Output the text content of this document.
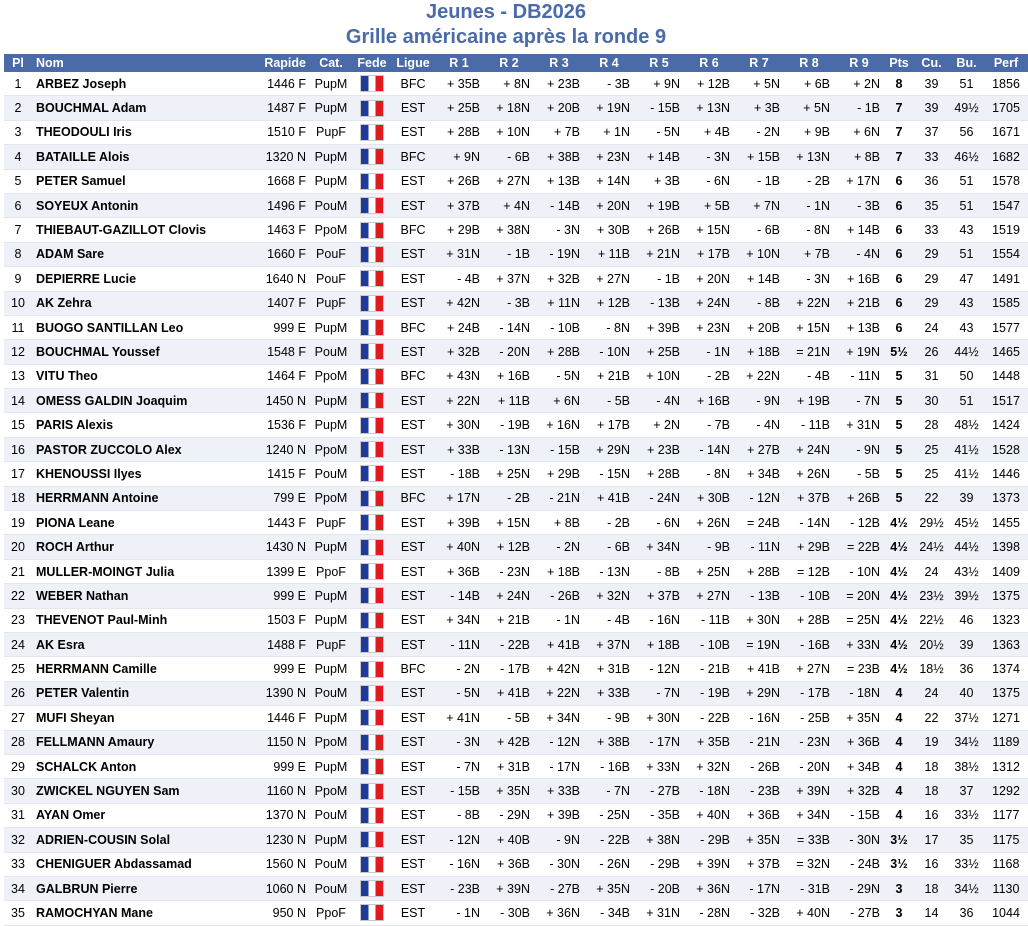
Jeunes - DB2026
Grille américaine après la ronde 9
Pl	Nom	Rapide	Cat.	Fede	Ligue	R 1	R 2	R 3	R 4	R 5	R 6	R 7	R 8	R 9	Pts	Cu.	Bu.	Perf
1	ARBEZ Joseph	1446 F	PupM		BFC	+ 35B	+ 8N	+ 23B	- 3B	+ 9N	+ 12B	+ 5N	+ 6B	+ 2N	8	39	51	1856
2	BOUCHMAL Adam	1487 F	PupM		EST	+ 25B	+ 18N	+ 20B	+ 19N	- 15B	+ 13N	+ 3B	+ 5N	- 1B	7	39	49½	1705
3	THEODOULI Iris	1510 F	PupF		EST	+ 28B	+ 10N	+ 7B	+ 1N	- 5N	+ 4B	- 2N	+ 9B	+ 6N	7	37	56	1671
4	BATAILLE Alois	1320 N	PupM		BFC	+ 9N	- 6B	+ 38B	+ 23N	+ 14B	- 3N	+ 15B	+ 13N	+ 8B	7	33	46½	1682
5	PETER Samuel	1668 F	PupM		EST	+ 26B	+ 27N	+ 13B	+ 14N	+ 3B	- 6N	- 1B	- 2B	+ 17N	6	36	51	1578
6	SOYEUX Antonin	1496 F	PouM		EST	+ 37B	+ 4N	- 14B	+ 20N	+ 19B	+ 5B	+ 7N	- 1N	- 3B	6	35	51	1547
7	THIEBAUT-GAZILLOT Clovis	1463 F	PpoM		BFC	+ 29B	+ 38N	- 3N	+ 30B	+ 26B	+ 15N	- 6B	- 8N	+ 14B	6	33	43	1519
8	ADAM Sare	1660 F	PouF		EST	+ 31N	- 1B	- 19N	+ 11B	+ 21N	+ 17B	+ 10N	+ 7B	- 4N	6	29	51	1554
9	DEPIERRE Lucie	1640 N	PouF		EST	- 4B	+ 37N	+ 32B	+ 27N	- 1B	+ 20N	+ 14B	- 3N	+ 16B	6	29	47	1491
10	AK Zehra	1407 F	PupF		EST	+ 42N	- 3B	+ 11N	+ 12B	- 13B	+ 24N	- 8B	+ 22N	+ 21B	6	29	43	1585
11	BUOGO SANTILLAN Leo	999 E	PupM		BFC	+ 24B	- 14N	- 10B	- 8N	+ 39B	+ 23N	+ 20B	+ 15N	+ 13B	6	24	43	1577
12	BOUCHMAL Youssef	1548 F	PouM		EST	+ 32B	- 20N	+ 28B	- 10N	+ 25B	- 1N	+ 18B	= 21N	+ 19N	5½	26	44½	1465
13	VITU Theo	1464 F	PpoM		BFC	+ 43N	+ 16B	- 5N	+ 21B	+ 10N	- 2B	+ 22N	- 4B	- 11N	5	31	50	1448
14	OMESS GALDIN Joaquim	1450 N	PupM		EST	+ 22N	+ 11B	+ 6N	- 5B	- 4N	+ 16B	- 9N	+ 19B	- 7N	5	30	51	1517
15	PARIS Alexis	1536 F	PupM		EST	+ 30N	- 19B	+ 16N	+ 17B	+ 2N	- 7B	- 4N	- 11B	+ 31N	5	28	48½	1424
16	PASTOR ZUCCOLO Alex	1240 N	PpoM		EST	+ 33B	- 13N	- 15B	+ 29N	+ 23B	- 14N	+ 27B	+ 24N	- 9N	5	25	41½	1528
17	KHENOUSSI Ilyes	1415 F	PouM		EST	- 18B	+ 25N	+ 29B	- 15N	+ 28B	- 8N	+ 34B	+ 26N	- 5B	5	25	41½	1446
18	HERRMANN Antoine	799 E	PpoM		BFC	+ 17N	- 2B	- 21N	+ 41B	- 24N	+ 30B	- 12N	+ 37B	+ 26B	5	22	39	1373
19	PIONA Leane	1443 F	PupF		EST	+ 39B	+ 15N	+ 8B	- 2B	- 6N	+ 26N	= 24B	- 14N	- 12B	4½	29½	45½	1455
20	ROCH Arthur	1430 N	PupM		EST	+ 40N	+ 12B	- 2N	- 6B	+ 34N	- 9B	- 11N	+ 29B	= 22B	4½	24½	44½	1398
21	MULLER-MOINGT Julia	1399 E	PpoF		EST	+ 36B	- 23N	+ 18B	- 13N	- 8B	+ 25N	+ 28B	= 12B	- 10N	4½	24	43½	1409
22	WEBER Nathan	999 E	PupM		EST	- 14B	+ 24N	- 26B	+ 32N	+ 37B	+ 27N	- 13B	- 10B	= 20N	4½	23½	39½	1375
23	THEVENOT Paul-Minh	1503 F	PupM		EST	+ 34N	+ 21B	- 1N	- 4B	- 16N	- 11B	+ 30N	+ 28B	= 25N	4½	22½	46	1323
24	AK Esra	1488 F	PupF		EST	- 11N	- 22B	+ 41B	+ 37N	+ 18B	- 10B	= 19N	- 16B	+ 33N	4½	20½	39	1363
25	HERRMANN Camille	999 E	PupM		BFC	- 2N	- 17B	+ 42N	+ 31B	- 12N	- 21B	+ 41B	+ 27N	= 23B	4½	18½	36	1374
26	PETER Valentin	1390 N	PouM		EST	- 5N	+ 41B	+ 22N	+ 33B	- 7N	- 19B	+ 29N	- 17B	- 18N	4	24	40	1375
27	MUFI Sheyan	1446 F	PupM		EST	+ 41N	- 5B	+ 34N	- 9B	+ 30N	- 22B	- 16N	- 25B	+ 35N	4	22	37½	1271
28	FELLMANN Amaury	1150 N	PpoM		EST	- 3N	+ 42B	- 12N	+ 38B	- 17N	+ 35B	- 21N	- 23N	+ 36B	4	19	34½	1189
29	SCHALCK Anton	999 E	PupM		EST	- 7N	+ 31B	- 17N	- 16B	+ 33N	+ 32N	- 26B	- 20N	+ 34B	4	18	38½	1312
30	ZWICKEL NGUYEN Sam	1160 N	PpoM		EST	- 15B	+ 35N	+ 33B	- 7N	- 27B	- 18N	- 23B	+ 39N	+ 32B	4	18	37	1292
31	AYAN Omer	1370 N	PouM		EST	- 8B	- 29N	+ 39B	- 25N	- 35B	+ 40N	+ 36B	+ 34N	- 15B	4	16	33½	1177
32	ADRIEN-COUSIN Solal	1230 N	PupM		EST	- 12N	+ 40B	- 9N	- 22B	+ 38N	- 29B	+ 35N	= 33B	- 30N	3½	17	35	1175
33	CHENIGUER Abdassamad	1560 N	PouM		EST	- 16N	+ 36B	- 30N	- 26N	- 29B	+ 39N	+ 37B	= 32N	- 24B	3½	16	33½	1168
34	GALBRUN Pierre	1060 N	PouM		EST	- 23B	+ 39N	- 27B	+ 35N	- 20B	+ 36N	- 17N	- 31B	- 29N	3	18	34½	1130
35	RAMOCHYAN Mane	950 N	PpoF		EST	- 1N	- 30B	+ 36N	- 34B	+ 31N	- 28N	- 32B	+ 40N	- 27B	3	14	36	1044
